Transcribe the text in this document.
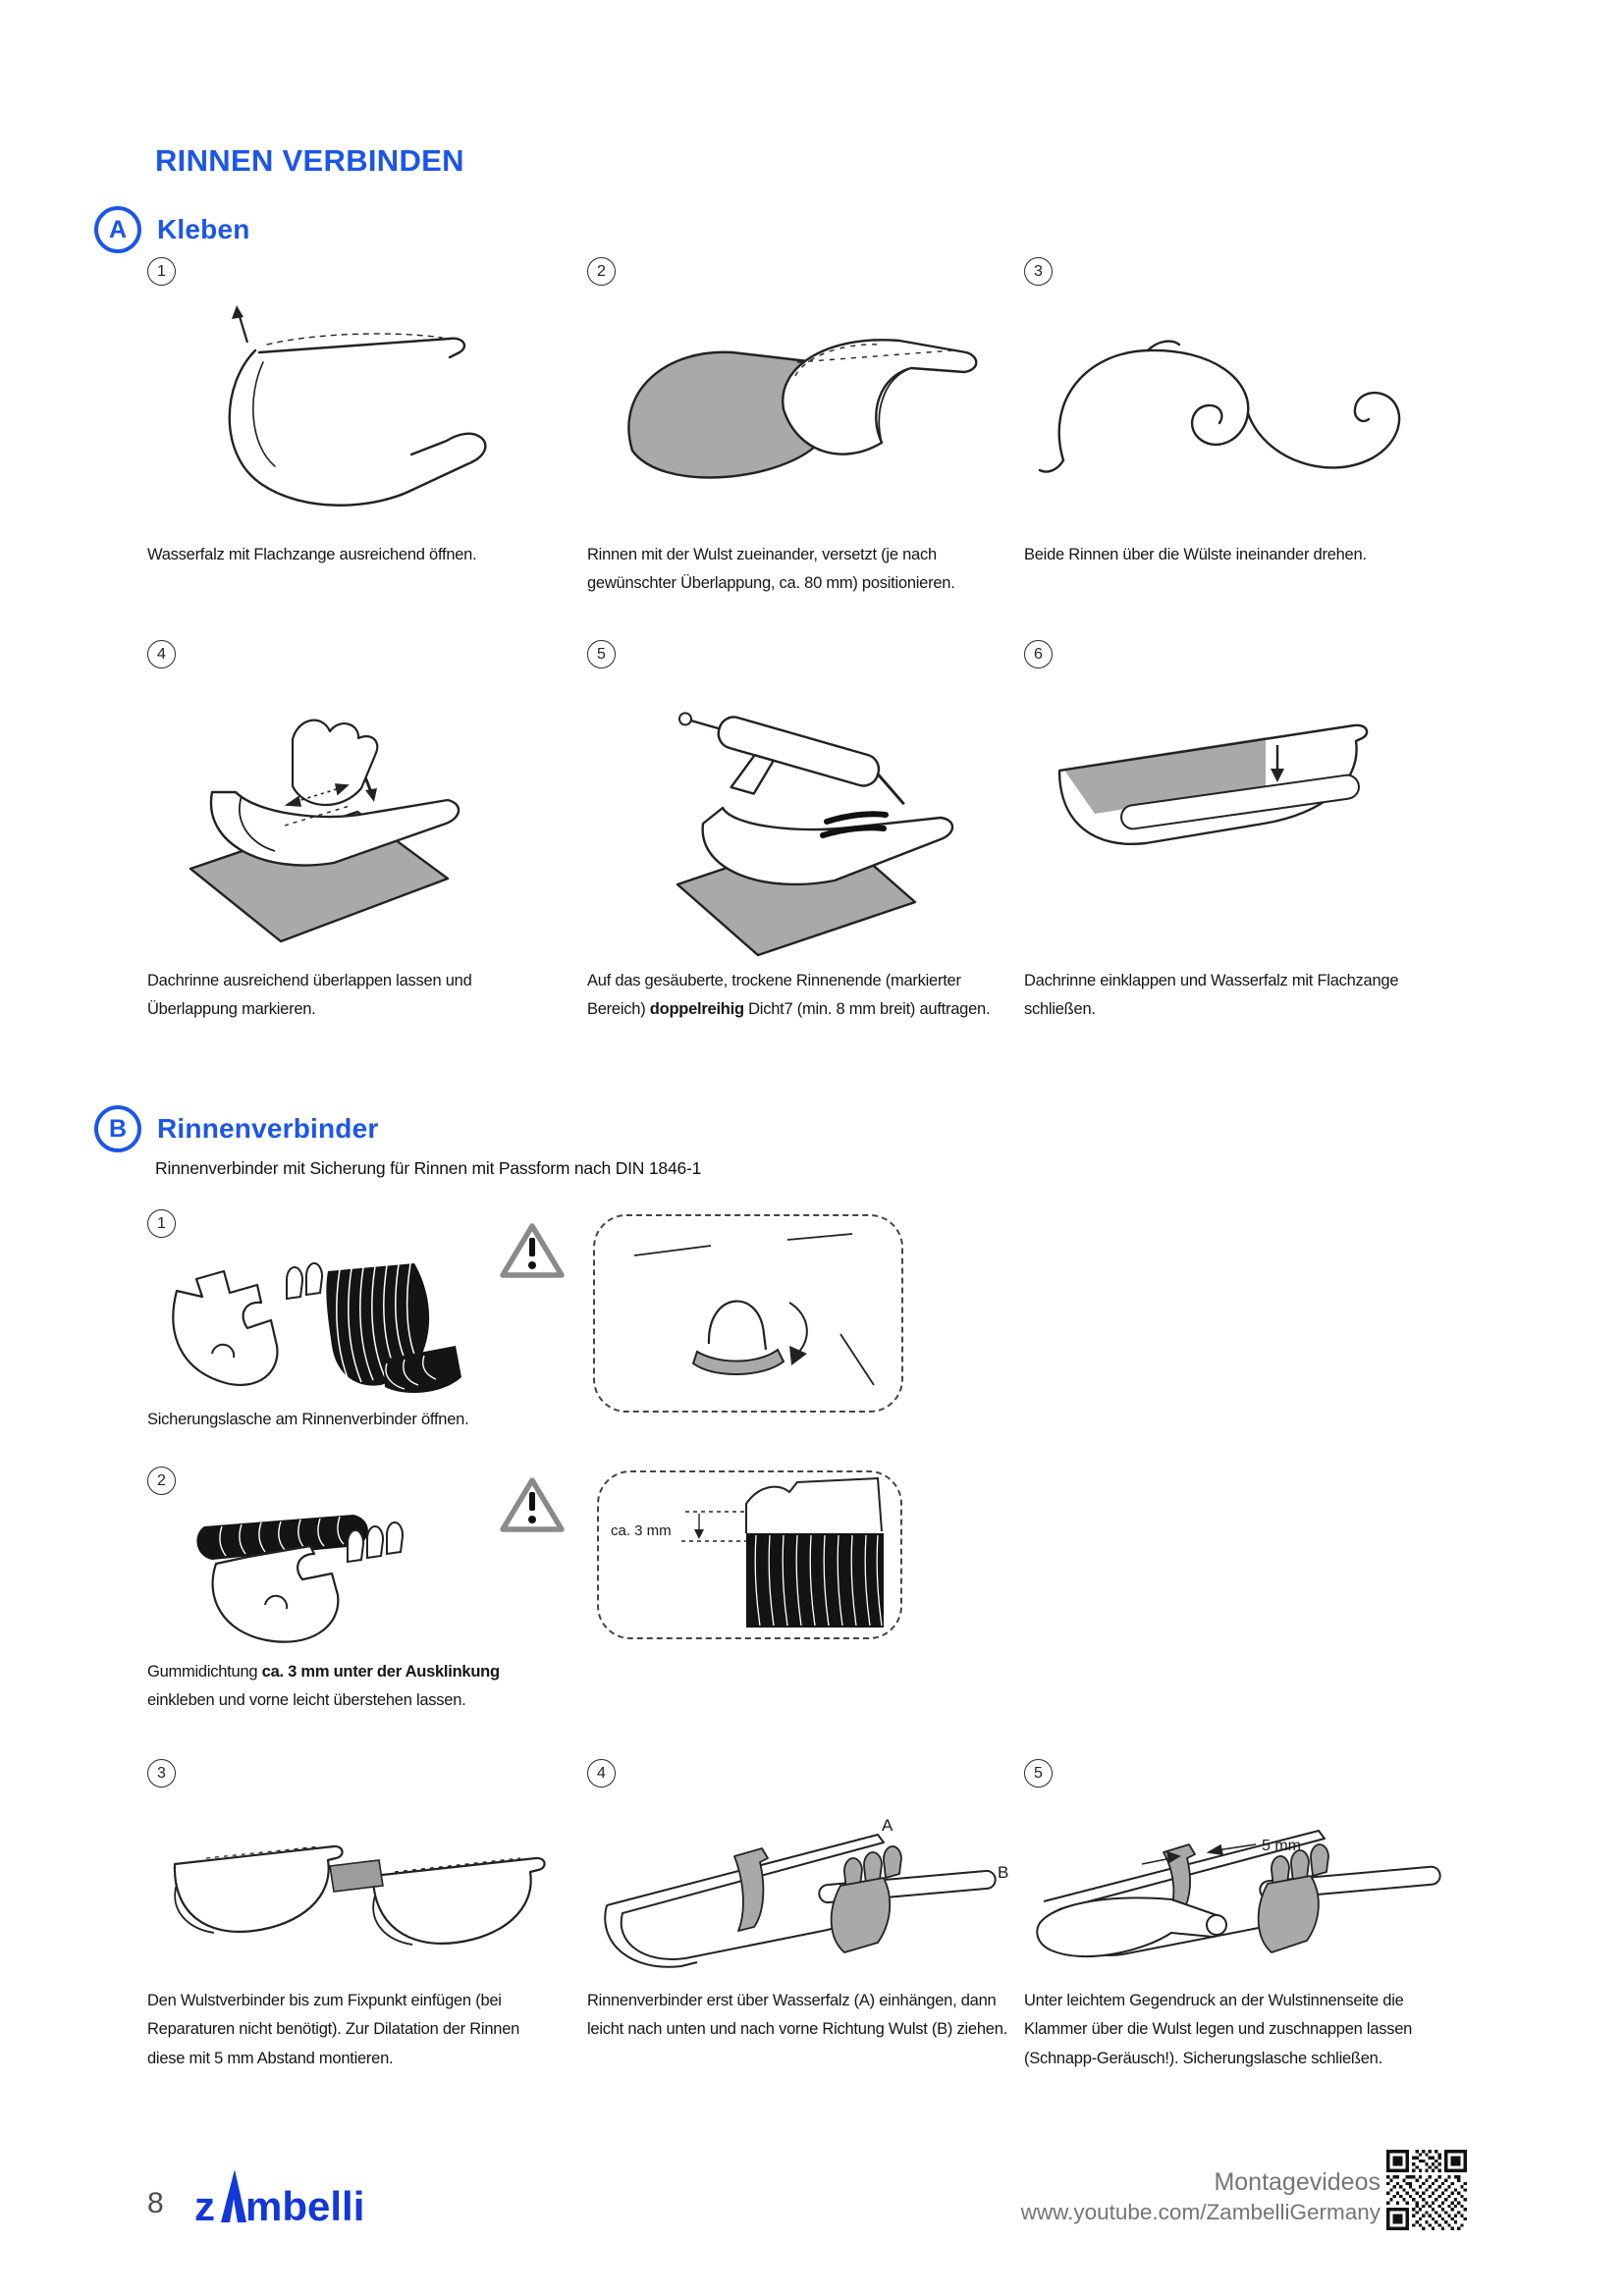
RINNEN VERBINDEN
A	Kleben
1
Wasserfalz mit Flachzange ausreichend öffnen.
2
Rinnen mit der Wulst zueinander, versetzt (je nach gewünschter Überlappung, ca. 80 mm) positionieren.
3
Beide Rinnen über die Wülste ineinander drehen.
4
Dachrinne ausreichend überlappen lassen und Überlappung markieren.
5
Auf das gesäuberte, trockene Rinnenende (markierter Bereich) doppelreihig Dicht7 (min. 8 mm breit) auftragen.
6
Dachrinne einklappen und Wasserfalz mit Flachzange schließen.
B	Rinnenverbinder
Rinnenverbinder mit Sicherung für Rinnen mit Passform nach DIN 1846-1
1
Sicherungslasche am Rinnenverbinder öffnen.
2
Gummidichtung ca. 3 mm unter der Ausklinkung einkleben und vorne leicht überstehen lassen.
ca. 3 mm
3
Den Wulstverbinder bis zum Fixpunkt einfügen (bei Reparaturen nicht benötigt). Zur Dilatation der Rinnen diese mit 5 mm Abstand montieren.
4
A
B
Rinnenverbinder erst über Wasserfalz (A) einhängen, dann leicht nach unten und nach vorne Richtung Wulst (B) ziehen.
5
5 mm
Unter leichtem Gegendruck an der Wulstinnenseite die Klammer über die Wulst legen und zuschnappen lassen (Schnapp-Geräusch!). Sicherungslasche schließen.
8 z mbelli
Montagevideos
www.youtube.com/ZambelliGermany
